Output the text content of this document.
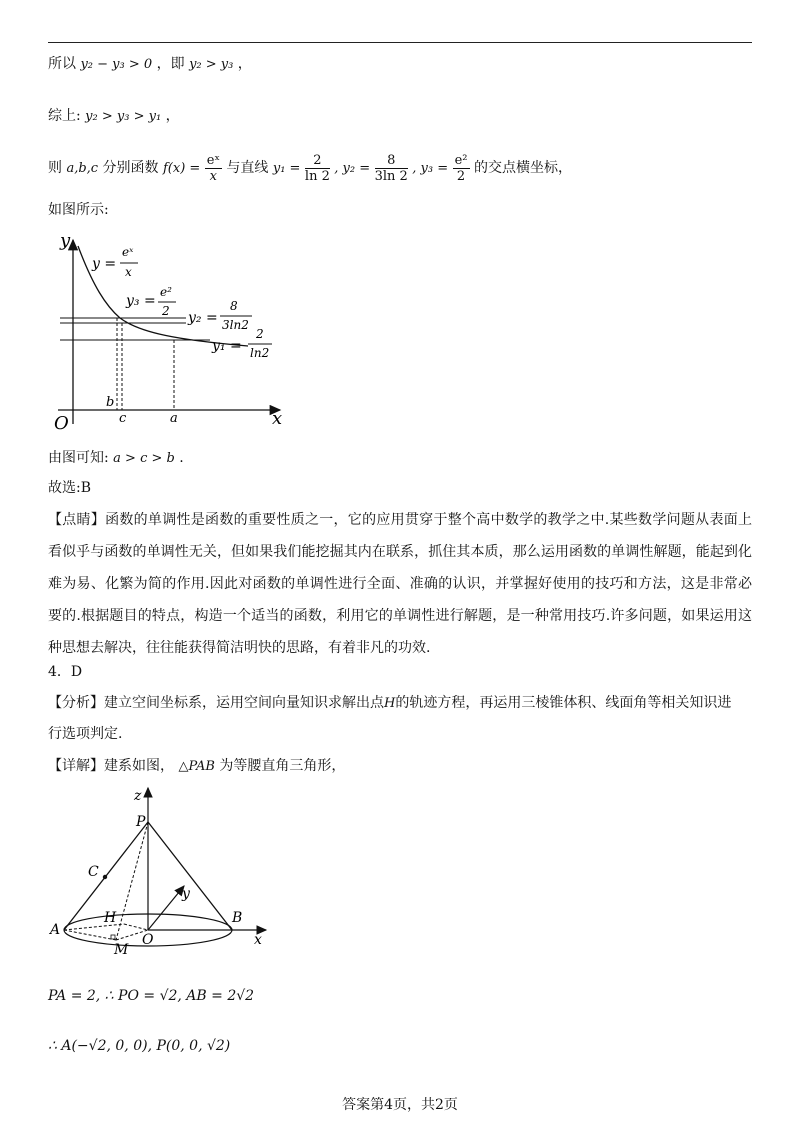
所以 y₂ − y₃ > 0 ，即 y₂ > y₃ ，
综上: y₂ > y₃ > y₁ ，
则 a,b,c 分别函数 $f(x) = \frac{\text{eˣ}}{x}$ 与直线 $y_1 = \frac{2}{\ln 2}$ , $y_2 = \frac{8}{3\ln 2}$ , $y_3 = \frac{\text{e²}}{2}$ 的交点横坐标，
如图所示:
y
x
O
b
c	a
y =
eˣ
x
y₃ =
e²
2 y₂ =
8
3ln2
y₁ =
2
ln2
由图可知: a > c > b .
故选:B
【点睛】函数的单调性是函数的重要性质之一，它的应用贯穿于整个高中数学的教学之中.某些数学问题从表面上看似乎与函数的单调性无关，但如果我们能挖掘其内在联系，抓住其本质，那么运用函数的单调性解题，能起到化难为易、化繁为简的作用.因此对函数的单调性进行全面、准确的认识，并掌握好使用的技巧和方法，这是非常必要的.根据题目的特点，构造一个适当的函数，利用它的单调性进行解题，是一种常用技巧.许多问题，如果运用这种思想去解决，往往能获得简洁明快的思路，有着非凡的功效.
4．D
【分析】建立空间坐标系，运用空间向量知识求解出点H的轨迹方程，再运用三棱锥体积、线面角等相关知识进
行选项判定.
【详解】建系如图， △PAB 为等腰直角三角形，
z
P
C
y
H
A
O
M
B
x
PA = 2, ∴ PO = √2, AB = 2√2
∴ A(−√2, 0, 0), P(0, 0, √2)
答案第4页，共2页
